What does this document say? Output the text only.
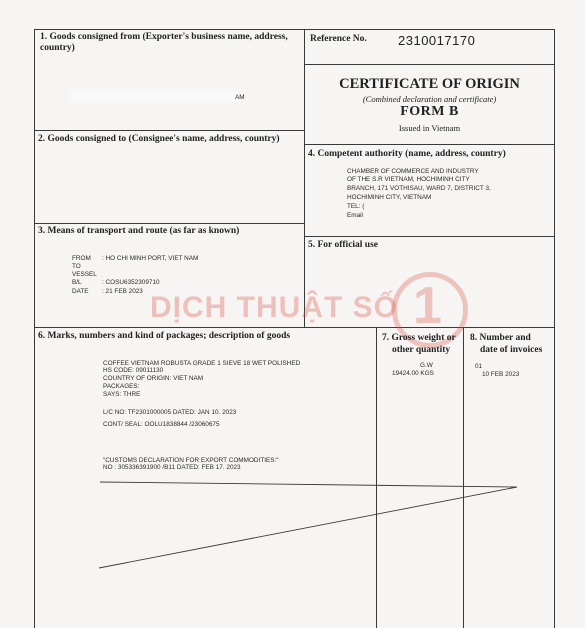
1. Goods consigned from (Exporter's business name, address, country)
AM
Reference No. 2310017170
CERTIFICATE OF ORIGIN
(Combined declaration and certificate)
FORM B
Issued in Vietnam
2. Goods consigned to (Consignee's name, address, country)
4. Competent authority (name, address, country)
CHAMBER OF COMMERCE AND INDUSTRY
OF THE S.R VIETNAM, HOCHIMINH CITY
BRANCH, 171 VOTHISAU, WARD 7, DISTRICT 3,
HOCHIMINH CITY, VIETNAM
TEL: (
Email
3. Means of transport and route (as far as known)
FROM : HO CHI MINH PORT, VIET NAM
TO
VESSEL
B/L	: COSU6352309710
DATE : 21 FEB 2023
5. For official use
DỊCH THUẬT SỐ 1
6. Marks, numbers and kind of packages; description of goods
COFFEE VIETNAM ROBUSTA GRADE 1 SIEVE 18 WET POLISHED
HS CODE: 09011130
COUNTRY OF ORIGIN: VIET NAM
PACKAGES:
SAYS: THRE
L/C NO: TF2301000005 DATED: JAN 10. 2023
CONT/ SEAL: OOLU1838844 /23060675
"CUSTOMS DECLARATION FOR EXPORT COMMODITIES:"
NO : 305336391900 /B11 DATED: FEB 17. 2023
7. Gross weight or
other quantity
G.W
19424.00 KGS
8. Number and
date of invoices
01
10 FEB 2023
